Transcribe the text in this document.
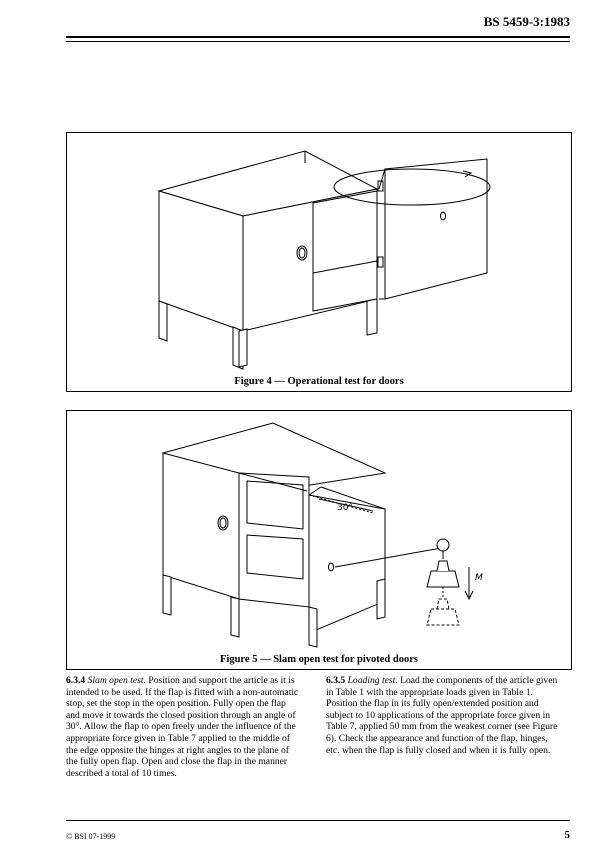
BS 5459-3:1983
Figure 4 — Operational test for doors
30°
M
Figure 5 — Slam open test for pivoted doors

6.3.4 Slam open test. Position and support the article as it is intended to be used. If the flap is fitted with a non-automatic stop, set the stop in the open position. Fully open the flap and move it towards the closed position through an angle of 30°. Allow the flap to open freely under the influence of the appropriate force given in Table 7 applied to the middle of the edge opposite the hinges at right angles to the plane of the fully open flap. Open and close the flap in the manner described a total of 10 times.

6.3.5 Loading test. Load the components of the article given in Table 1 with the appropriate loads given in Table 1. Position the flap in its fully open/extended position and subject to 10 applications of the appropriate force given in Table 7, applied 50 mm from the weakest corner (see Figure 6). Check the appearance and function of the flap, hinges, etc. when the flap is fully closed and when it is fully open.

© BSI 07-1999	5
